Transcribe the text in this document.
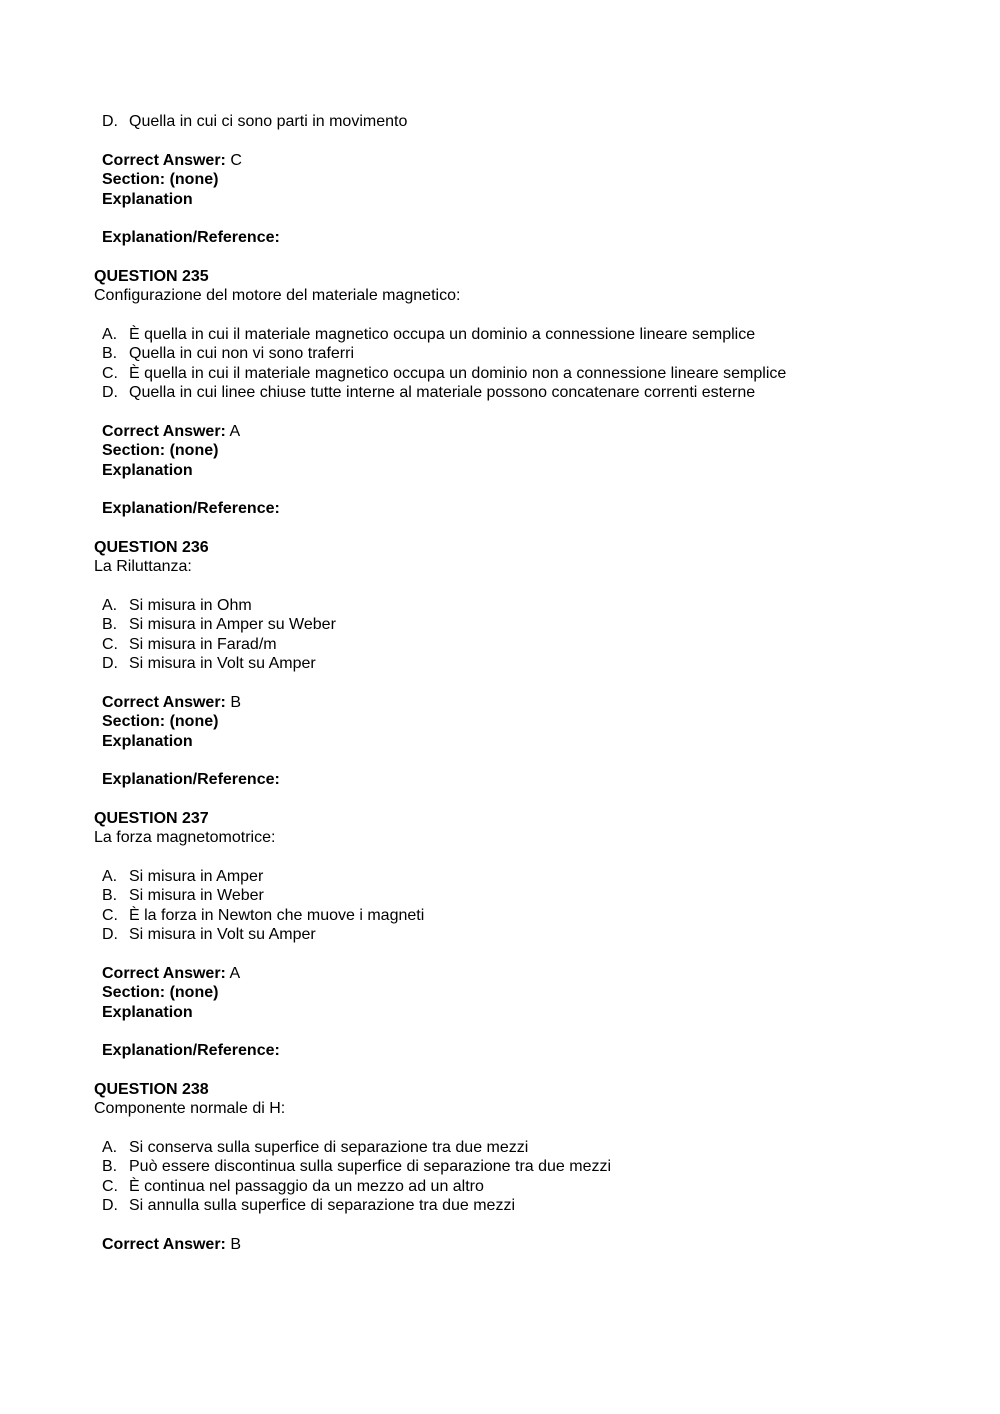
D. Quella in cui ci sono parti in movimento
Correct Answer: C
Section: (none)
Explanation
Explanation/Reference:
QUESTION 235
Configurazione del motore del materiale magnetico:
A. È quella in cui il materiale magnetico occupa un dominio a connessione lineare semplice
B. Quella in cui non vi sono traferri
C. È quella in cui il materiale magnetico occupa un dominio non a connessione lineare semplice
D. Quella in cui linee chiuse tutte interne al materiale possono concatenare correnti esterne
Correct Answer: A
Section: (none)
Explanation
Explanation/Reference:
QUESTION 236
La Riluttanza:
A. Si misura in Ohm
B. Si misura in Amper su Weber
C. Si misura in Farad/m
D. Si misura in Volt su Amper
Correct Answer: B
Section: (none)
Explanation
Explanation/Reference:
QUESTION 237
La forza magnetomotrice:
A. Si misura in Amper
B. Si misura in Weber
C. È la forza in Newton che muove i magneti
D. Si misura in Volt su Amper
Correct Answer: A
Section: (none)
Explanation
Explanation/Reference:
QUESTION 238
Componente normale di H:
A. Si conserva sulla superfice di separazione tra due mezzi
B. Può essere discontinua sulla superfice di separazione tra due mezzi
C. È continua nel passaggio da un mezzo ad un altro
D. Si annulla sulla superfice di separazione tra due mezzi
Correct Answer: B
